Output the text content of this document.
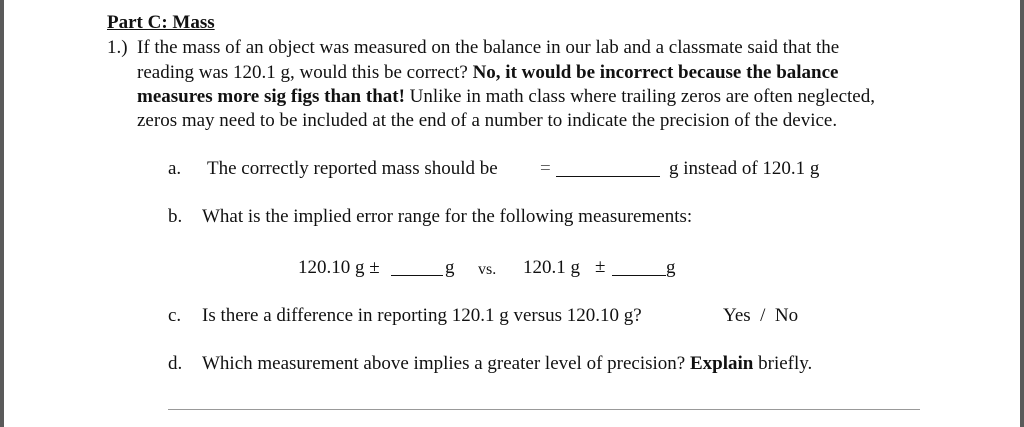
Part C: Mass
1.) If the mass of an object was measured on the balance in our lab and a classmate said that the
reading was 120.1 g, would this be correct? No, it would be incorrect because the balance
measures more sig figs than that! Unlike in math class where trailing zeros are often neglected,
zeros may need to be included at the end of a number to indicate the precision of the device.
a. The correctly reported mass should be =	g instead of 120.1 g
b. What is the implied error range for the following measurements:
120.10 g ±	g vs. 120.1 g ±	g
c. Is there a difference in reporting 120.1 g versus 120.10 g?	Yes  /  No
d. Which measurement above implies a greater level of precision? Explain briefly.
